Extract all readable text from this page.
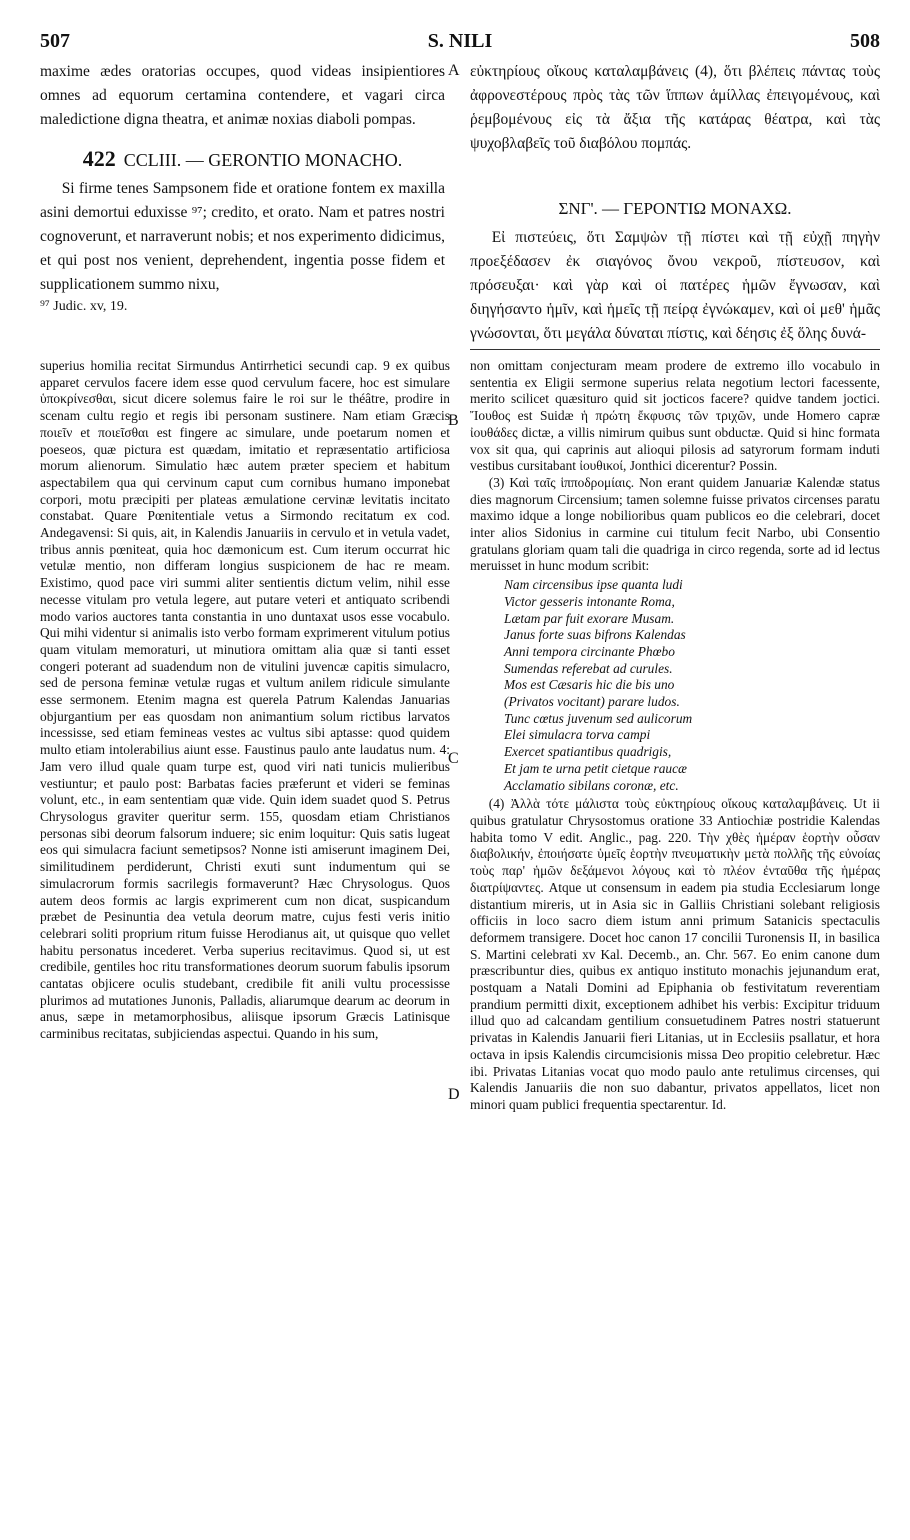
S. NILI
507	508

maxime ædes oratorias occupes, quod videas insipientiores omnes ad equorum certamina contendere, et vagari circa maledictione digna theatra, et animæ noxias diaboli pompas.

422 CCLIII. — GERONTIO MONACHO.

Si firme tenes Sampsonem fide et oratione fontem ex maxilla asini demortui eduxisse ⁹⁷; credito, et orato. Nam et patres nostri cognoverunt, et narraverunt nobis; et nos experimento didicimus, et qui post nos venient, deprehendent, ingentia posse fidem et supplicationem summo nixu,

⁹⁷ Judic. xv, 19.

εὐκτηρίους οἴκους καταλαμβάνεις (4), ὅτι βλέπεις πάντας τοὺς ἀφρονεστέρους πρὸς τὰς τῶν ἵππων ἁμίλλας ἐπειγομένους, καὶ ῥεμβομένους εἰς τὰ ἄξια τῆς κατάρας θέατρα, καὶ τὰς ψυχοβλαβεῖς τοῦ διαβόλου πομπάς.

ΣΝΓ'. — ΓΕΡΟΝΤΙΩ ΜΟΝΑΧΩ.

Εἰ πιστεύεις, ὅτι Σαμψὼν τῇ πίστει καὶ τῇ εὐχῇ πηγὴν προεξέδασεν ἐκ σιαγόνος ὄνου νεκροῦ, πίστευσον, καὶ πρόσευξαι· καὶ γὰρ καὶ οἱ πατέρες ἡμῶν ἔγνωσαν, καὶ διηγήσαντο ἡμῖν, καὶ ἡμεῖς τῇ πείρᾳ ἐγνώκαμεν, καὶ οἱ μεθ' ἡμᾶς γνώσονται, ὅτι μεγάλα δύναται πίστις, καὶ δέησις ἐξ ὅλης δυνά-

A
B
C
D

superius homilia recitat Sirmundus Antirrhetici secundi cap. 9 ex quibus apparet cervulos facere idem esse quod cervulum facere, hoc est simulare ὑποκρίνεσθαι, sicut dicere solemus faire le roi sur le théâtre, prodire in scenam cultu regio et regis ibi personam sustinere. Nam etiam Græcis ποιεῖν et ποιεῖσθαι est fingere ac simulare, unde poetarum nomen et poeseos, quæ pictura est quædam, imitatio et repræsentatio artificiosa morum alienorum. Simulatio hæc autem præter speciem et habitum aspectabilem qua qui cervinum caput cum cornibus humano imponebat corpori, motu præcipiti per plateas æmulatione cervinæ levitatis incitato constabat. Quare Pœnitentiale vetus a Sirmondo recitatum ex cod. Andegavensi: Si quis, ait, in Kalendis Januariis in cervulo et in vetula vadet, tribus annis pœniteat, quia hoc dæmonicum est. Cum iterum occurrat hic vetulæ mentio, non differam longius suspicionem de hac re meam. Existimo, quod pace viri summi aliter sentientis dictum velim, nihil esse necesse vitulam pro vetula legere, aut putare veteri et antiquato scribendi modo varios auctores tanta constantia in uno duntaxat usos esse vocabulo. Qui mihi videntur si animalis isto verbo formam exprimerent vitulum potius quam vitulam memoraturi, ut minutiora omittam alia quæ si tanti esset congeri poterant ad suadendum non de vitulini juvencæ capitis simulacro, sed de persona feminæ vetulæ rugas et vultum anilem ridicule simulante esse sermonem. Etenim magna est querela Patrum Kalendas Januarias objurgantium per eas quosdam non animantium solum rictibus larvatos incessisse, sed etiam femineas vestes ac vultus sibi aptasse: quod quidem multo etiam intolerabilius aiunt esse. Faustinus paulo ante laudatus num. 4: Jam vero illud quale quam turpe est, quod viri nati tunicis mulieribus vestiuntur; et paulo post: Barbatas facies præferunt et videri se feminas volunt, etc., in eam sententiam quæ vide. Quin idem suadet quod S. Petrus Chrysologus graviter queritur serm. 155, quosdam etiam Christianos personas sibi deorum falsorum induere; sic enim loquitur: Quis satis lugeat eos qui simulacra faciunt semetipsos? Nonne isti amiserunt imaginem Dei, similitudinem perdiderunt, Christi exuti sunt indumentum qui se simulacrorum formis sacrilegis formaverunt? Hæc Chrysologus. Quos autem deos formis ac largis exprimerent cum non dicat, suspicandum præbet de Pesinuntia dea vetula deorum matre, cujus festi veris initio celebrari soliti proprium ritum fuisse Herodianus ait, ut quisque quo vellet habitu personatus incederet. Verba superius recitavimus. Quod si, ut est credibile, gentiles hoc ritu transformationes deorum suorum fabulis ipsorum cantatas objicere oculis studebant, credibile fit anili vultu processisse plurimos ad mutationes Junonis, Palladis, aliarumque dearum ac deorum in anus, sæpe in metamorphosibus, aliisque ipsorum Græcis Latinisque carminibus recitatas, subjiciendas aspectui. Quando in his sum,

non omittam conjecturam meam prodere de extremo illo vocabulo in sententia ex Eligii sermone superius relata negotium lectori facessente, merito scilicet quæsituro quid sit jocticos facere? quidve tandem joctici. Ἴουθος est Suidæ ἡ πρώτη ἔκφυσις τῶν τριχῶν, unde Homero capræ ἰουθάδες dictæ, a villis nimirum quibus sunt obductæ. Quid si hinc formata vox sit qua, qui caprinis aut alioqui pilosis ad satyrorum formam induti vestibus cursitabant ἰουθικοί, Jonthici dicerentur? Possin.

(3) Καὶ ταῖς ἱπποδρομίαις. Non erant quidem Januariæ Kalendæ status dies magnorum Circensium; tamen solemne fuisse privatos circenses paratu maximo idque a longe nobilioribus quam publicos eo die celebrari, docet inter alios Sidonius in carmine cui titulum fecit Narbo, ubi Consentio gratulans gloriam quam tali die quadriga in circo regenda, sorte ad id lectus meruisset in hunc modum scribit:

Nam circensibus ipse quanta ludi
Victor gesseris intonante Roma,
Lætam par fuit exorare Musam.
Janus forte suas bifrons Kalendas
Anni tempora circinante Phœbo
Sumendas referebat ad curules.
Mos est Cæsaris hic die bis uno
(Privatos vocitant) parare ludos.
Tunc cœtus juvenum sed aulicorum
Elei simulacra torva campi
Exercet spatiantibus quadrigis,
Et jam te urna petit cietque raucæ
Acclamatio sibilans coronæ, etc.

(4) Ἀλλὰ τότε μάλιστα τοὺς εὐκτηρίους οἴκους καταλαμβάνεις. Ut ii quibus gratulatur Chrysostomus oratione 33 Antiochiæ postridie Kalendas habita tomo V edit. Anglic., pag. 220. Τὴν χθὲς ἡμέραν ἑορτὴν οὖσαν διαβολικήν, ἐποιήσατε ὑμεῖς ἑορτὴν πνευματικὴν μετὰ πολλῆς τῆς εὐνοίας τοὺς παρ' ἡμῶν δεξάμενοι λόγους καὶ τὸ πλέον ἐνταῦθα τῆς ἡμέρας διατρίψαντες. Atque ut consensum in eadem pia studia Ecclesiarum longe distantium mireris, ut in Asia sic in Galliis Christiani solebant religiosis officiis in loco sacro diem istum anni primum Satanicis spectaculis deformem transigere. Docet hoc canon 17 concilii Turonensis II, in basilica S. Martini celebrati xv Kal. Decemb., an. Chr. 567. Eo enim canone dum præscribuntur dies, quibus ex antiquo instituto monachis jejunandum erat, postquam a Natali Domini ad Epiphania ob festivitatum reverentiam prandium permitti dixit, exceptionem adhibet his verbis: Excipitur triduum illud quo ad calcandam gentilium consuetudinem Patres nostri statuerunt privatas in Kalendis Januarii fieri Litanias, ut in Ecclesiis psallatur, et hora octava in ipsis Kalendis circumcisionis missa Deo propitio celebretur. Hæc ibi. Privatas Litanias vocat quo modo paulo ante retulimus circenses, qui Kalendis Januariis die non suo dabantur, privatos appellatos, licet non minori quam publici frequentia spectarentur. Id.
